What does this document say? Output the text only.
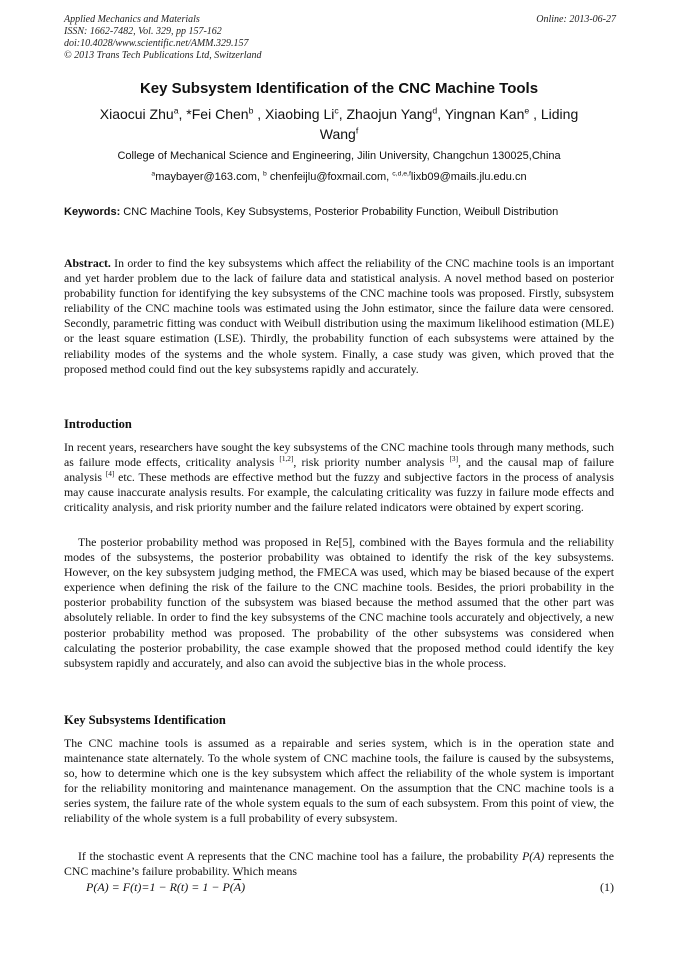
Applied Mechanics and Materials
ISSN: 1662-7482, Vol. 329, pp 157-162
doi:10.4028/www.scientific.net/AMM.329.157
© 2013 Trans Tech Publications Ltd, Switzerland
Online: 2013-06-27
Key Subsystem Identification of the CNC Machine Tools
Xiaocui Zhu$^a$, *Fei Chen$^b$ , Xiaobing Li$^c$, Zhaojun Yang$^d$, Yingnan Kan$^e$ , Liding Wang$^f$
College of Mechanical Science and Engineering, Jilin University, Changchun 130025,China
$^a$maybayer@163.com, $^b$ chenfeijlu@foxmail.com, $^{c,d,e,f}$lixb09@mails.jlu.edu.cn
Keywords: CNC Machine Tools, Key Subsystems, Posterior Probability Function, Weibull Distribution

Abstract. In order to find the key subsystems which affect the reliability of the CNC machine tools is an important and yet harder problem due to the lack of failure data and statistical analysis. A novel method based on posterior probability function for identifying the key subsystems of the CNC machine tools was proposed. Firstly, subsystem reliability of the CNC machine tools was estimated using the John estimator, since the failure data were censored. Secondly, parametric fitting was conduct with Weibull distribution using the maximum likelihood estimation (MLE) or the least square estimation (LSE). Thirdly, the probability function of each subsystems were attained by the reliability modes of the systems and the whole system. Finally, a case study was given, which proved that the proposed method could find out the key subsystems rapidly and accurately.

Introduction

In recent years, researchers have sought the key subsystems of the CNC machine tools through many methods, such as failure mode effects, criticality analysis [1,2], risk priority number analysis [3], and the causal map of failure analysis [4] etc. These methods are effective method but the fuzzy and subjective factors in the process of analysis may cause inaccurate analysis results. For example, the calculating criticality was fuzzy in failure mode effects and criticality analysis, and risk priority number and the failure related indicators were obtained by expert scoring.

The posterior probability method was proposed in Re[5], combined with the Bayes formula and the reliability modes of the subsystems, the posterior probability was obtained to identify the risk of the key subsystems. However, on the key subsystem judging method, the FMECA was used, which may be biased because of the expert experience when defining the risk of the failure to the CNC machine tools. Besides, the priori probability in the posterior probability function of the subsystem was biased because the method assumed that the other part was absolutely reliable. In order to find the key subsystems of the CNC machine tools accurately and objectively, a new posterior probability method was proposed. The probability of the other subsystems was considered when calculating the posterior probability, the case example showed that the proposed method could identify the key subsystem rapidly and accurately, and also can avoid the subjective bias in the whole process.

Key Subsystems Identification

The CNC machine tools is assumed as a repairable and series system, which is in the operation state and maintenance state alternately. To the whole system of CNC machine tools, the failure is caused by the subsystems, so, how to determine which one is the key subsystem which affect the reliability of the whole system is important for the reliability monitoring and maintenance management. On the assumption that the CNC machine tools is a series system, the failure rate of the whole system equals to the sum of each subsystem. From this point of view, the reliability of the whole system is a full probability of every subsystem.

If the stochastic event A represents that the CNC machine tool has a failure, the probability P(A) represents the CNC machine’s failure probability. Which means

$P(A) = F(t)=1 - R(t) = 1 - P(\overline{A})$	(1)
